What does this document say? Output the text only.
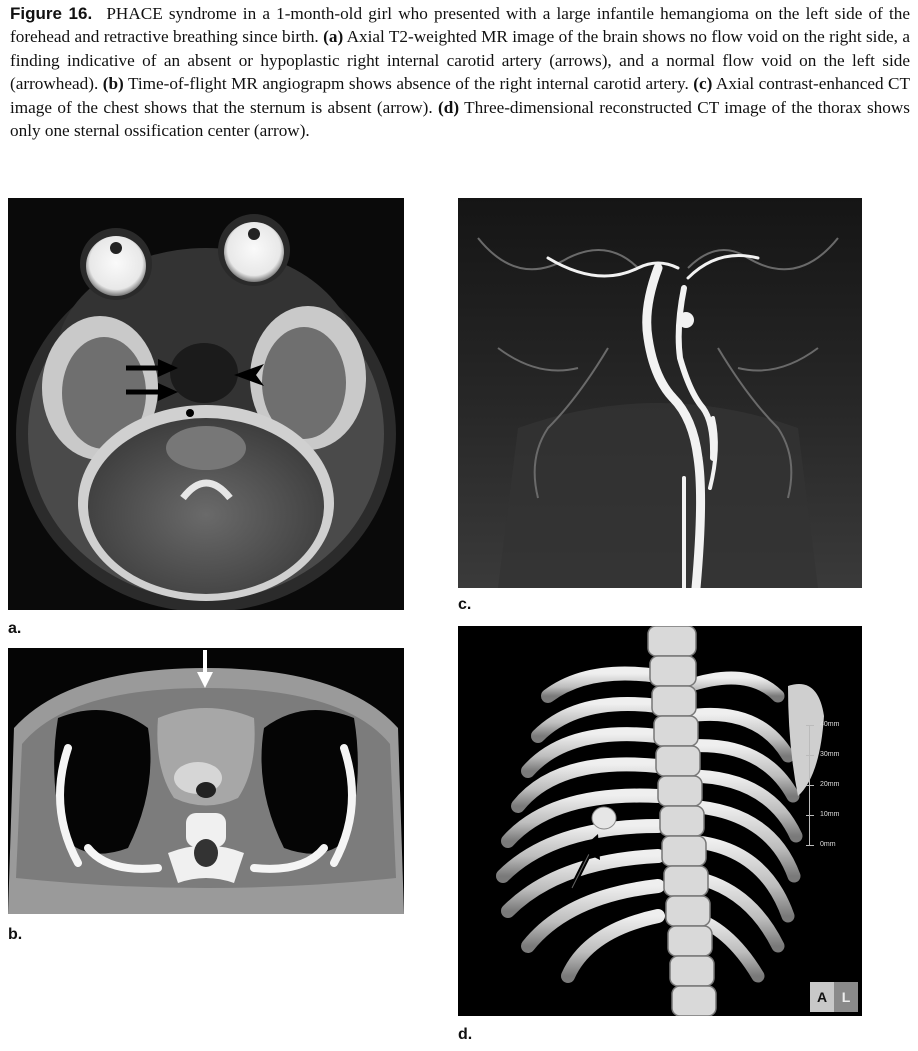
Figure 16. PHACE syndrome in a 1-month-old girl who presented with a large infantile hemangioma on the left side of the forehead and retractive breathing since birth. (a) Axial T2-weighted MR image of the brain shows no flow void on the right side, a finding indicative of an absent or hypoplastic right internal carotid artery (arrows), and a normal flow void on the left side (arrowhead). (b) Time-of-flight MR angiograpm shows absence of the right internal carotid artery. (c) Axial contrast-enhanced CT image of the chest shows that the sternum is absent (arrow). (d) Three-dimensional reconstructed CT image of the thorax shows only one sternal ossification center (arrow).
a.
c.
b.
40mm
30mm
20mm
10mm
0mm
A	L
d.
